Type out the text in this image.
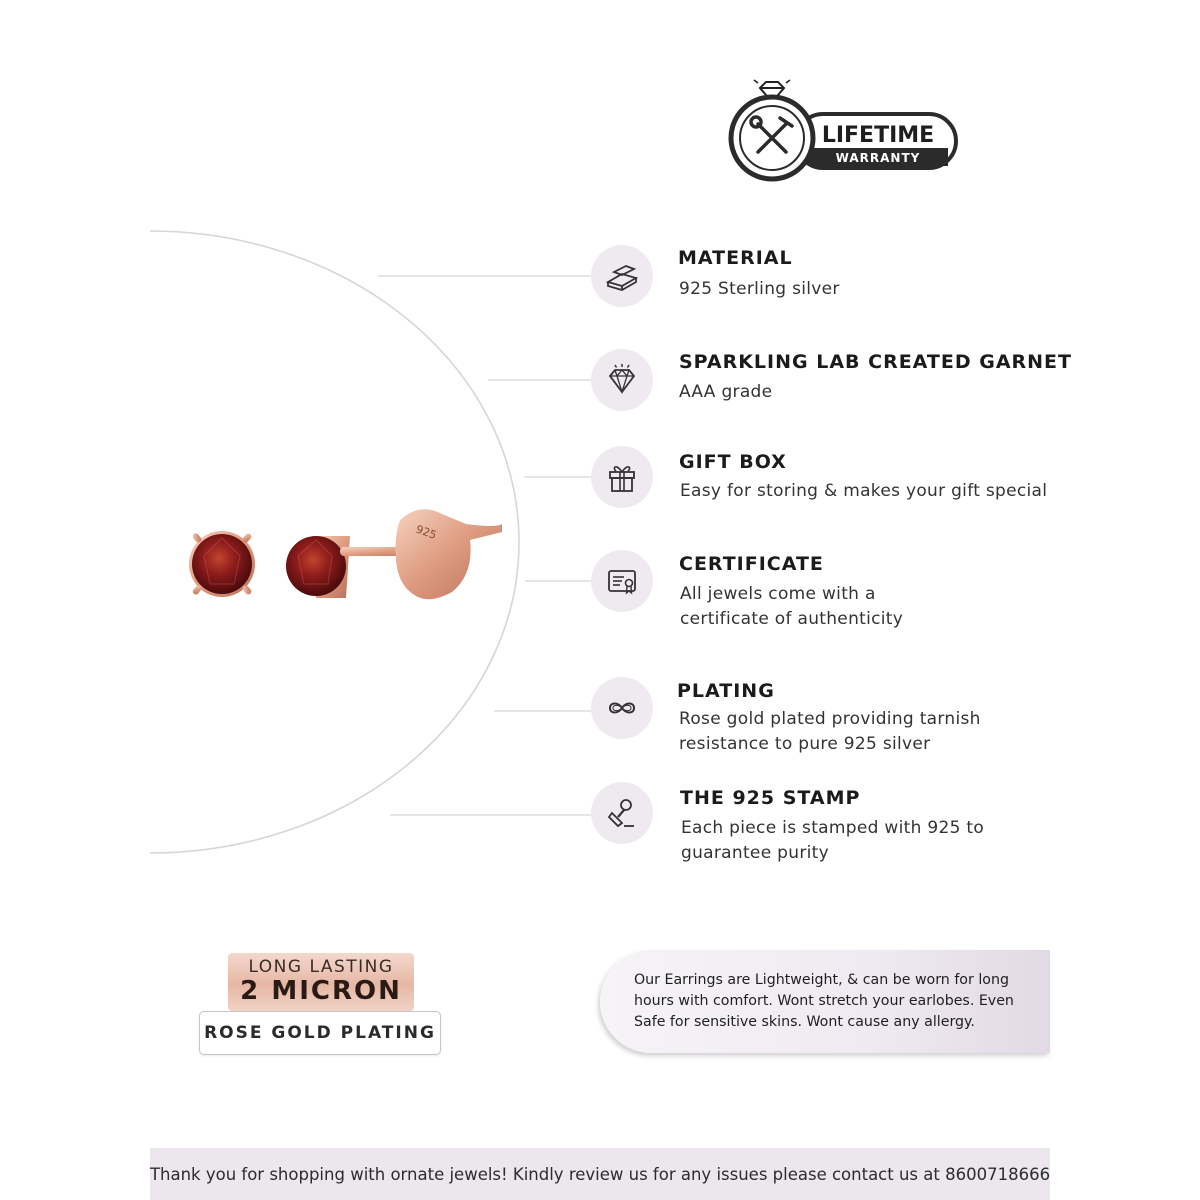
925
LIFETIME
WARRANTY
MATERIAL
925 Sterling silver
SPARKLING LAB CREATED GARNET
AAA grade
GIFT BOX
Easy for storing & makes your gift special
CERTIFICATE
All jewels come with a
certificate of authenticity
PLATING
Rose gold plated providing tarnish
resistance to pure 925 silver
THE 925 STAMP
Each piece is stamped with 925 to
guarantee purity
LONG LASTING
2 MICRON
ROSE GOLD PLATING
Our Earrings are Lightweight, & can be worn for long
hours with comfort. Wont stretch your earlobes. Even
Safe for sensitive skins. Wont cause any allergy.
Thank you for shopping with ornate jewels! Kindly review us for any issues please contact us at 8600718666
